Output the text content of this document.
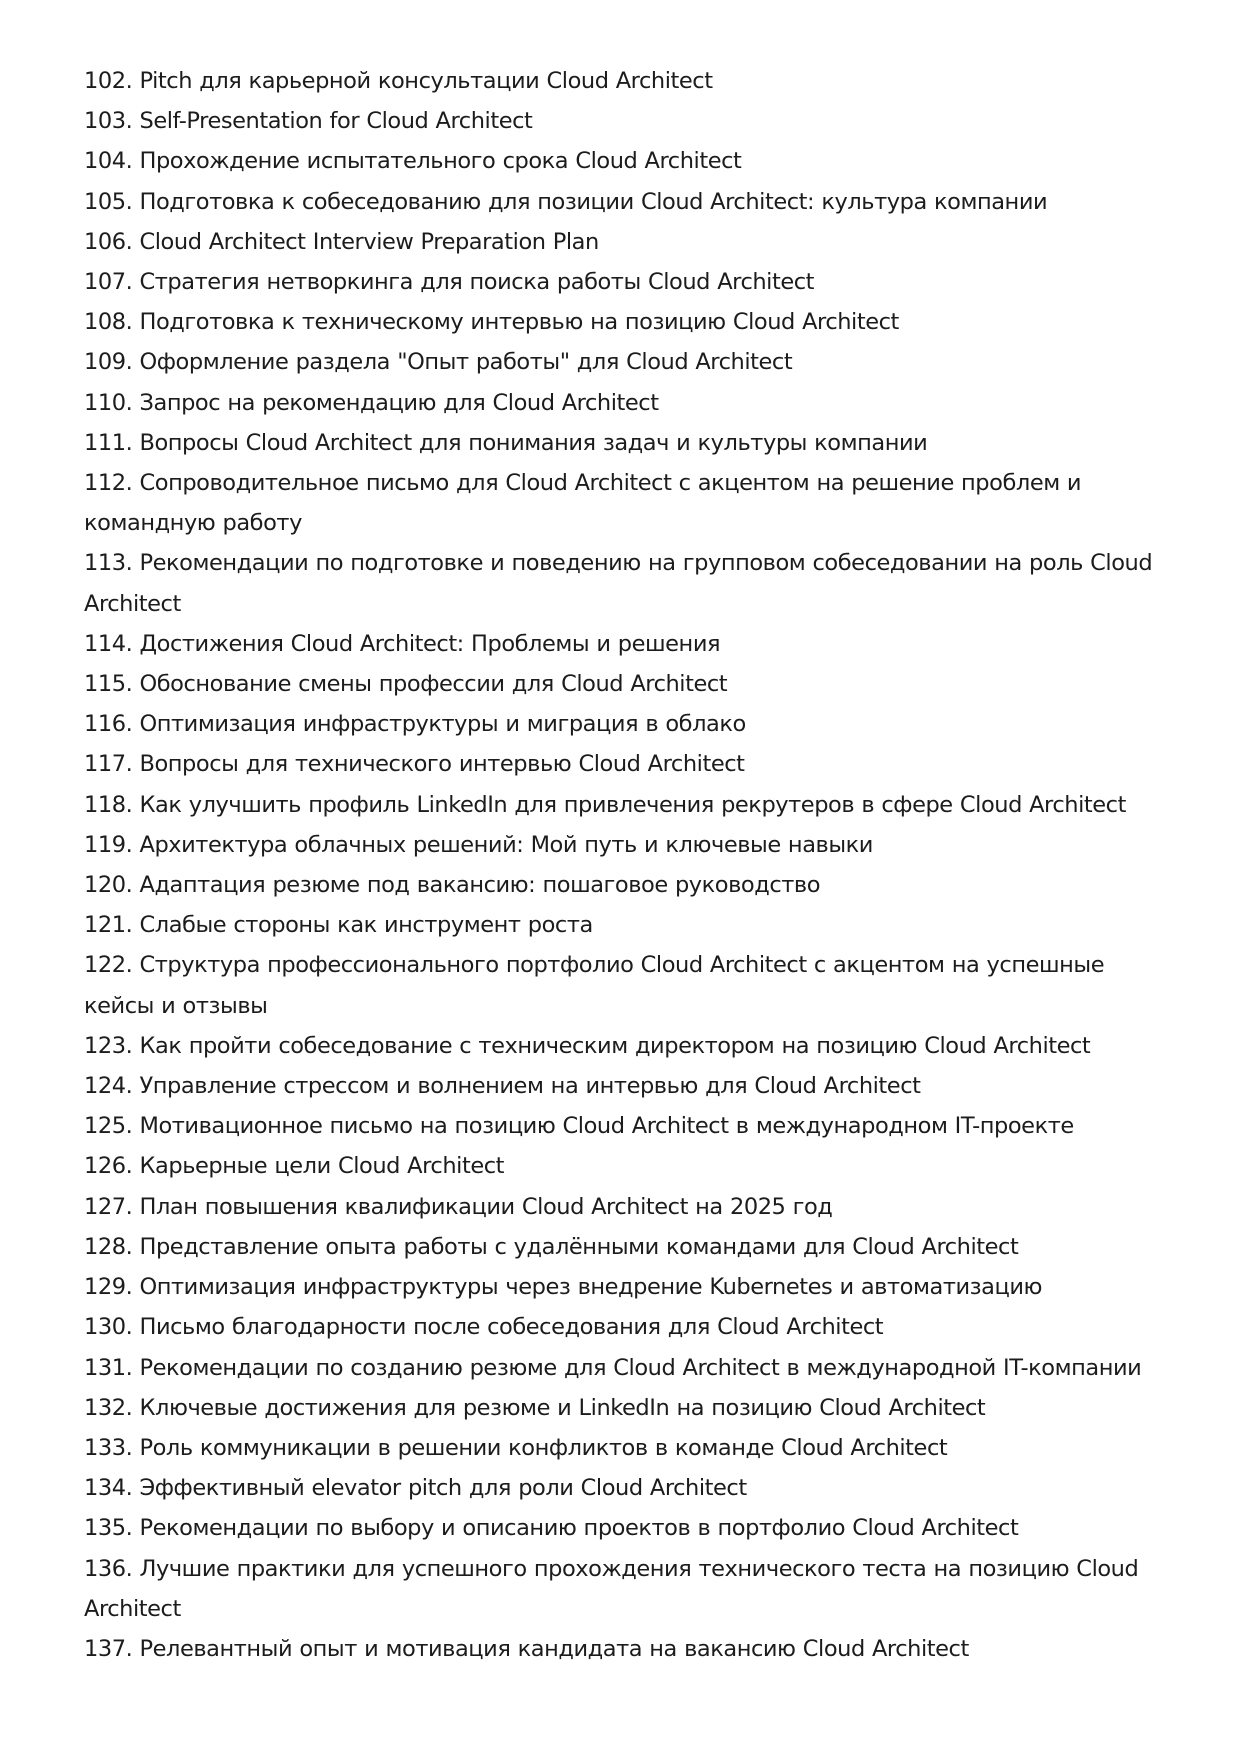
102. Pitch для карьерной консультации Cloud Architect

103. Self-Presentation for Cloud Architect

104. Прохождение испытательного срока Cloud Architect

105. Подготовка к собеседованию для позиции Cloud Architect: культура компании

106. Cloud Architect Interview Preparation Plan

107. Стратегия нетворкинга для поиска работы Cloud Architect

108. Подготовка к техническому интервью на позицию Cloud Architect

109. Оформление раздела "Опыт работы" для Cloud Architect

110. Запрос на рекомендацию для Cloud Architect

111. Вопросы Cloud Architect для понимания задач и культуры компании

112. Сопроводительное письмо для Cloud Architect с акцентом на решение проблем и командную работу

113. Рекомендации по подготовке и поведению на групповом собеседовании на роль Cloud Architect

114. Достижения Cloud Architect: Проблемы и решения

115. Обоснование смены профессии для Cloud Architect

116. Оптимизация инфраструктуры и миграция в облако

117. Вопросы для технического интервью Cloud Architect

118. Как улучшить профиль LinkedIn для привлечения рекрутеров в сфере Cloud Architect

119. Архитектура облачных решений: Мой путь и ключевые навыки

120. Адаптация резюме под вакансию: пошаговое руководство

121. Слабые стороны как инструмент роста

122. Структура профессионального портфолио Cloud Architect с акцентом на успешные кейсы и отзывы

123. Как пройти собеседование с техническим директором на позицию Cloud Architect

124. Управление стрессом и волнением на интервью для Cloud Architect

125. Мотивационное письмо на позицию Cloud Architect в международном IT-проекте

126. Карьерные цели Cloud Architect

127. План повышения квалификации Cloud Architect на 2025 год

128. Представление опыта работы с удалёнными командами для Cloud Architect

129. Оптимизация инфраструктуры через внедрение Kubernetes и автоматизацию

130. Письмо благодарности после собеседования для Cloud Architect

131. Рекомендации по созданию резюме для Cloud Architect в международной IT-компании

132. Ключевые достижения для резюме и LinkedIn на позицию Cloud Architect

133. Роль коммуникации в решении конфликтов в команде Cloud Architect

134. Эффективный elevator pitch для роли Cloud Architect

135. Рекомендации по выбору и описанию проектов в портфолио Cloud Architect

136. Лучшие практики для успешного прохождения технического теста на позицию Cloud Architect

137. Релевантный опыт и мотивация кандидата на вакансию Cloud Architect
